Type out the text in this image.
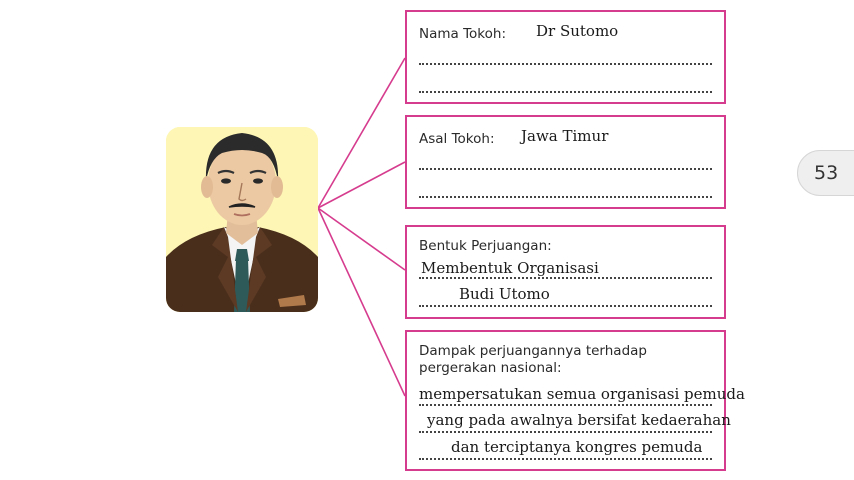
Nama Tokoh: Dr Sutomo
Asal Tokoh: Jawa Timur
Bentuk Perjuangan:
Membentuk Organisasi
Budi Utomo
Dampak perjuangannya terhadap
pergerakan nasional:
mempersatukan semua organisasi pemuda
yang pada awalnya bersifat kedaerahan
dan terciptanya kongres pemuda
53
